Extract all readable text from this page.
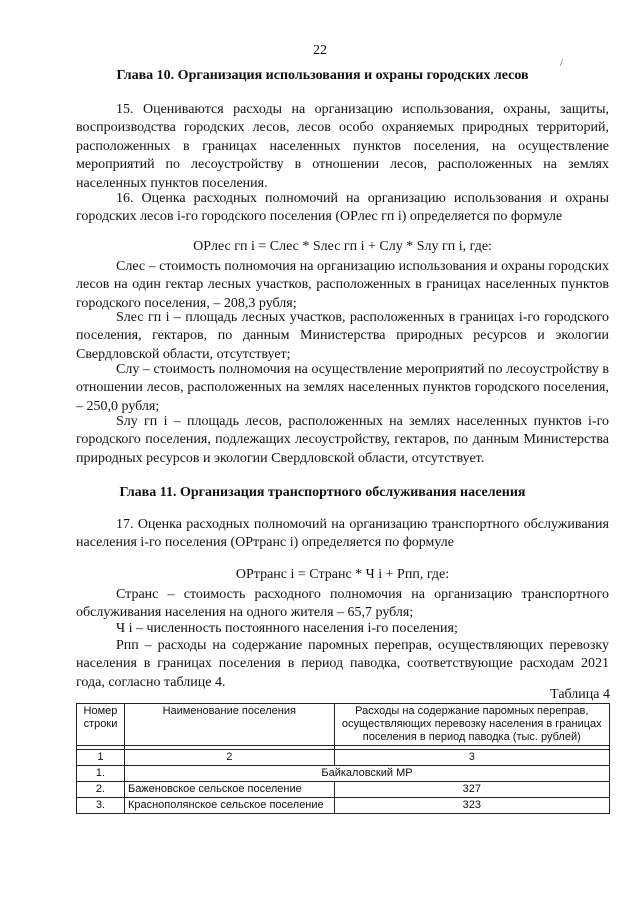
22
/
Глава 10. Организация использования и охраны городских лесов

15. Оцениваются расходы на организацию использования, охраны, защиты, воспроизводства городских лесов, лесов особо охраняемых природных территорий, расположенных в границах населенных пунктов поселения, на осуществление мероприятий по лесоустройству в отношении лесов, расположенных на землях населенных пунктов поселения.

16. Оценка расходных полномочий на организацию использования и охраны городских лесов i-го городского поселения (ОРлес гп i) определяется по формуле

ОРлес гп i = Слес * Sлес гп i + Слу * Sлу гп i, где:

Слес – стоимость полномочия на организацию использования и охраны городских лесов на один гектар лесных участков, расположенных в границах населенных пунктов городского поселения, – 208,3 рубля;

Sлес гп i – площадь лесных участков, расположенных в границах i-го городского поселения, гектаров, по данным Министерства природных ресурсов и экологии Свердловской области, отсутствует;

Слу – стоимость полномочия на осуществление мероприятий по лесоустройству в отношении лесов, расположенных на землях населенных пунктов городского поселения, – 250,0 рубля;

Sлу гп i – площадь лесов, расположенных на землях населенных пунктов i-го городского поселения, подлежащих лесоустройству, гектаров, по данным Министерства природных ресурсов и экологии Свердловской области, отсутствует.

Глава 11. Организация транспортного обслуживания населения

17. Оценка расходных полномочий на организацию транспортного обслуживания населения i-го поселения (ОРтранс i) определяется по формуле

ОРтранс i = Странс * Ч i + Рпп, где:

Странс – стоимость расходного полномочия на организацию транспортного обслуживания населения на одного жителя – 65,7 рубля;

Ч i – численность постоянного населения i-го поселения;

Рпп – расходы на содержание паромных переправ, осуществляющих перевозку населения в границах поселения в период паводка, соответствующие расходам 2021 года, согласно таблице 4.

Таблица 4
Номер строки	Наименование поселения	Расходы на содержание паромных переправ, осуществляющих перевозку населения в границах поселения в период паводка (тыс. рублей)

1	2	3
1.	Байкаловский МР	
2.	Баженовское сельское поселение	327
3.	Краснополянское сельское поселение	323
